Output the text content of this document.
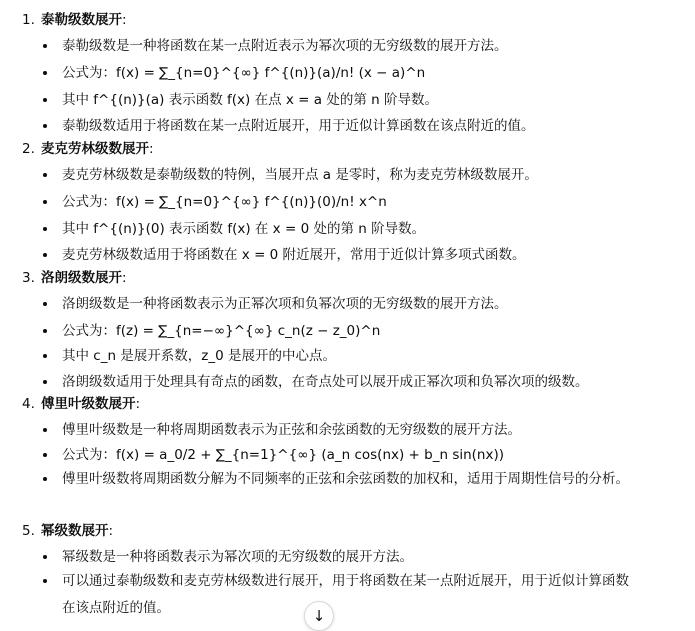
1. 泰勒级数展开:
泰勒级数是一种将函数在某一点附近表示为幂次项的无穷级数的展开方法。
公式为：f(x) = ∑_{n=0}^{∞} f^{(n)}(a)/n! (x − a)^n
其中 f^{(n)}(a) 表示函数 f(x) 在点 x = a 处的第 n 阶导数。
泰勒级数适用于将函数在某一点附近展开，用于近似计算函数在该点附近的值。
2. 麦克劳林级数展开:
麦克劳林级数是泰勒级数的特例，当展开点 a 是零时，称为麦克劳林级数展开。
公式为：f(x) = ∑_{n=0}^{∞} f^{(n)}(0)/n! x^n
其中 f^{(n)}(0) 表示函数 f(x) 在 x = 0 处的第 n 阶导数。
麦克劳林级数适用于将函数在 x = 0 附近展开，常用于近似计算多项式函数。
3. 洛朗级数展开:
洛朗级数是一种将函数表示为正幂次项和负幂次项的无穷级数的展开方法。
公式为：f(z) = ∑_{n=−∞}^{∞} c_n(z − z_0)^n
其中 c_n 是展开系数，z_0 是展开的中心点。
洛朗级数适用于处理具有奇点的函数，在奇点处可以展开成正幂次项和负幂次项的级数。
4. 傅里叶级数展开:
傅里叶级数是一种将周期函数表示为正弦和余弦函数的无穷级数的展开方法。
公式为：f(x) = a_0/2 + ∑_{n=1}^{∞} (a_n cos(nx) + b_n sin(nx))
傅里叶级数将周期函数分解为不同频率的正弦和余弦函数的加权和，适用于周期性信号的分析。
5. 幂级数展开:
幂级数是一种将函数表示为幂次项的无穷级数的展开方法。
可以通过泰勒级数和麦克劳林级数进行展开，用于将函数在某一点附近展开，用于近似计算函数在该点附近的值。	↓
